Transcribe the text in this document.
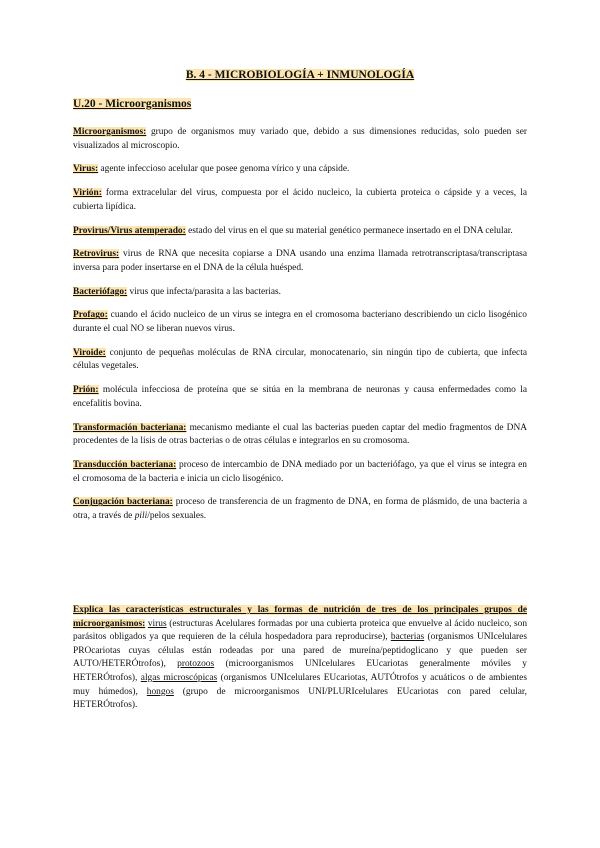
B. 4 - MICROBIOLOGÍA + INMUNOLOGÍA
U.20 - Microorganismos

Microorganismos: grupo de organismos muy variado que, debido a sus dimensiones reducidas, solo pueden ser visualizados al microscopio.

Virus: agente infeccioso acelular que posee genoma vírico y una cápside.

Virión: forma extracelular del virus, compuesta por el ácido nucleico, la cubierta proteica o cápside y a veces, la cubierta lipídica.

Provirus/Virus atemperado: estado del virus en el que su material genético permanece insertado en el DNA celular.

Retrovirus: virus de RNA que necesita copiarse a DNA usando una enzima llamada retrotranscriptasa/transcriptasa inversa para poder insertarse en el DNA de la célula huésped.

Bacteriófago: virus que infecta/parasita a las bacterias.

Profago: cuando el ácido nucleico de un virus se integra en el cromosoma bacteriano describiendo un ciclo lisogénico durante el cual NO se liberan nuevos virus.

Viroide: conjunto de pequeñas moléculas de RNA circular, monocatenario, sin ningún tipo de cubierta, que infecta células vegetales.

Prión: molécula infecciosa de proteína que se sitúa en la membrana de neuronas y causa enfermedades como la encefalitis bovina.

Transformación bacteriana: mecanismo mediante el cual las bacterias pueden captar del medio fragmentos de DNA procedentes de la lisis de otras bacterias o de otras células e integrarlos en su cromosoma.

Transducción bacteriana: proceso de intercambio de DNA mediado por un bacteriófago, ya que el virus se integra en el cromosoma de la bacteria e inicia un ciclo lisogénico.

Conjugación bacteriana: proceso de transferencia de un fragmento de DNA, en forma de plásmido, de una bacteria a otra, a través de pili/pelos sexuales.

Explica las características estructurales y las formas de nutrición de tres de los principales grupos de microorganismos: virus (estructuras Acelulares formadas por una cubierta proteica que envuelve al ácido nucleico, son parásitos obligados ya que requieren de la célula hospedadora para reproducirse), bacterias (organismos UNIcelulares PROcariotas cuyas células están rodeadas por una pared de mureína/peptidoglicano y que pueden ser AUTO/HETERÓtrofos), protozoos (microorganismos UNIcelulares EUcariotas generalmente móviles y HETERÓtrofos), algas microscópicas (organismos UNIcelulares EUcariotas, AUTÓtrofos y acuáticos o de ambientes muy húmedos), hongos (grupo de microorganismos UNI/PLURIcelulares EUcariotas con pared celular, HETERÓtrofos).
